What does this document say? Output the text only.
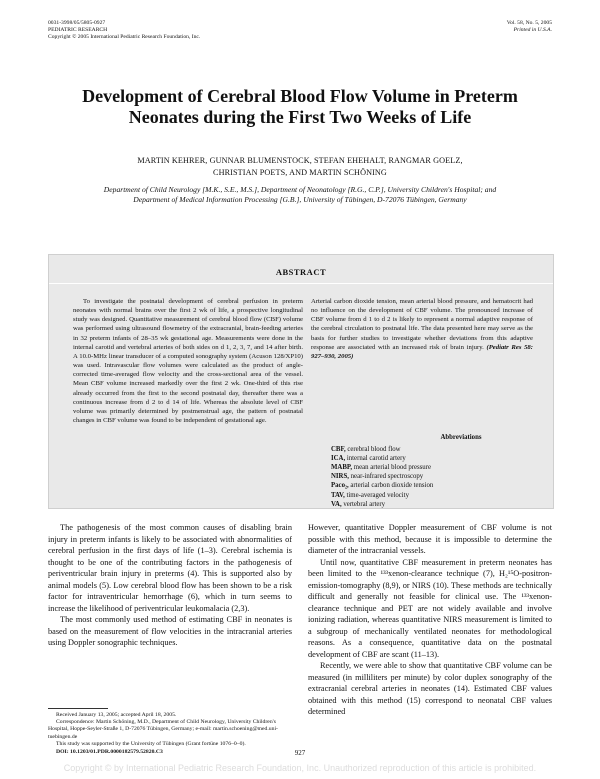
0031-3998/05/5805-0927
PEDIATRIC RESEARCH
Copyright © 2005 International Pediatric Research Foundation, Inc.
Vol. 58, No. 5, 2005
Printed in U.S.A.
Development of Cerebral Blood Flow Volume in Preterm Neonates during the First Two Weeks of Life
MARTIN KEHRER, GUNNAR BLUMENSTOCK, STEFAN EHEHALT, RANGMAR GOELZ,
CHRISTIAN POETS, AND MARTIN SCHÖNING
Department of Child Neurology [M.K., S.E., M.S.], Department of Neonatology [R.G., C.P.], University Children's Hospital; and Department of Medical Information Processing [G.B.], University of Tübingen, D-72076 Tübingen, Germany
ABSTRACT
To investigate the postnatal development of cerebral perfusion in preterm neonates with normal brains over the first 2 wk of life, a prospective longitudinal study was designed. Quantitative measurement of cerebral blood flow (CBF) volume was performed using ultrasound flowmetry of the extracranial, brain-feeding arteries in 32 preterm infants of 28–35 wk gestational age. Measurements were done in the internal carotid and vertebral arteries of both sides on d 1, 2, 3, 7, and 14 after birth. A 10.0-MHz linear transducer of a computed sonography system (Acuson 128/XP10) was used. Intravascular flow volumes were calculated as the product of angle-corrected time-averaged flow velocity and the cross-sectional area of the vessel. Mean CBF volume increased markedly over the first 2 wk. One-third of this rise already occurred from the first to the second postnatal day, thereafter there was a continuous increase from d 2 to d 14 of life. Whereas the absolute level of CBF volume was primarily determined by postmenstrual age, the pattern of postnatal changes in CBF volume was found to be independent of gestational age.
Arterial carbon dioxide tension, mean arterial blood pressure, and hematocrit had no influence on the development of CBF volume. The pronounced increase of CBF volume from d 1 to d 2 is likely to represent a normal adaptive response of the cerebral circulation to postnatal life. The data presented here may serve as the basis for further studies to investigate whether deviations from this adaptive response are associated with an increased risk of brain injury. (Pediatr Res 58: 927–930, 2005)
Abbreviations
CBF, cerebral blood flow
ICA, internal carotid artery
MABP, mean arterial blood pressure
NIRS, near-infrared spectroscopy
Paco₂, arterial carbon dioxide tension
TAV, time-averaged velocity
VA, vertebral artery

The pathogenesis of the most common causes of disabling brain injury in preterm infants is likely to be associated with abnormalities of cerebral perfusion in the first days of life (1–3). Cerebral ischemia is thought to be one of the contributing factors in the pathogenesis of periventricular brain injury in preterms (4). This is supported also by animal models (5). Low cerebral blood flow has been shown to be a risk factor for intraventricular hemorrhage (6), which in turn seems to increase the likelihood of periventricular leukomalacia (2,3).

The most commonly used method of estimating CBF in neonates is based on the measurement of flow velocities in the intracranial arteries using Doppler sonographic techniques.

However, quantitative Doppler measurement of CBF volume is not possible with this method, because it is impossible to determine the diameter of the intracranial vessels.

Until now, quantitative CBF measurement in preterm neonates has been limited to the ¹³³xenon-clearance technique (7), H₂¹⁵O-positron-emission-tomography (8,9), or NIRS (10). These methods are technically difficult and generally not feasible for clinical use. The ¹³³xenon-clearance technique and PET are not widely available and involve ionizing radiation, whereas quantitative NIRS measurement is limited to a subgroup of mechanically ventilated neonates for methodological reasons. As a consequence, quantitative data on the postnatal development of CBF are scant (11–13).

Recently, we were able to show that quantitative CBF volume can be measured (in milliliters per minute) by color duplex sonography of the extracranial cerebral arteries in neonates (14). Estimated CBF values obtained with this method (15) correspond to neonatal CBF values determined

Received January 13, 2005; accepted April 18, 2005.
Correspondence: Martin Schöning, M.D., Department of Child Neurology, University Children's Hospital, Hoppe-Seyler-Straße 1, D-72076 Tübingen, Germany; e-mail: martin.schoening@med.uni-tuebingen.de
This study was supported by the University of Tübingen (Grant fortüne 1076–0–0).
DOI: 10.1203/01.PDR.0000182579.52820.C3	927
Copyright © by International Pediatric Research Foundation, Inc. Unauthorized reproduction of this article is prohibited.
